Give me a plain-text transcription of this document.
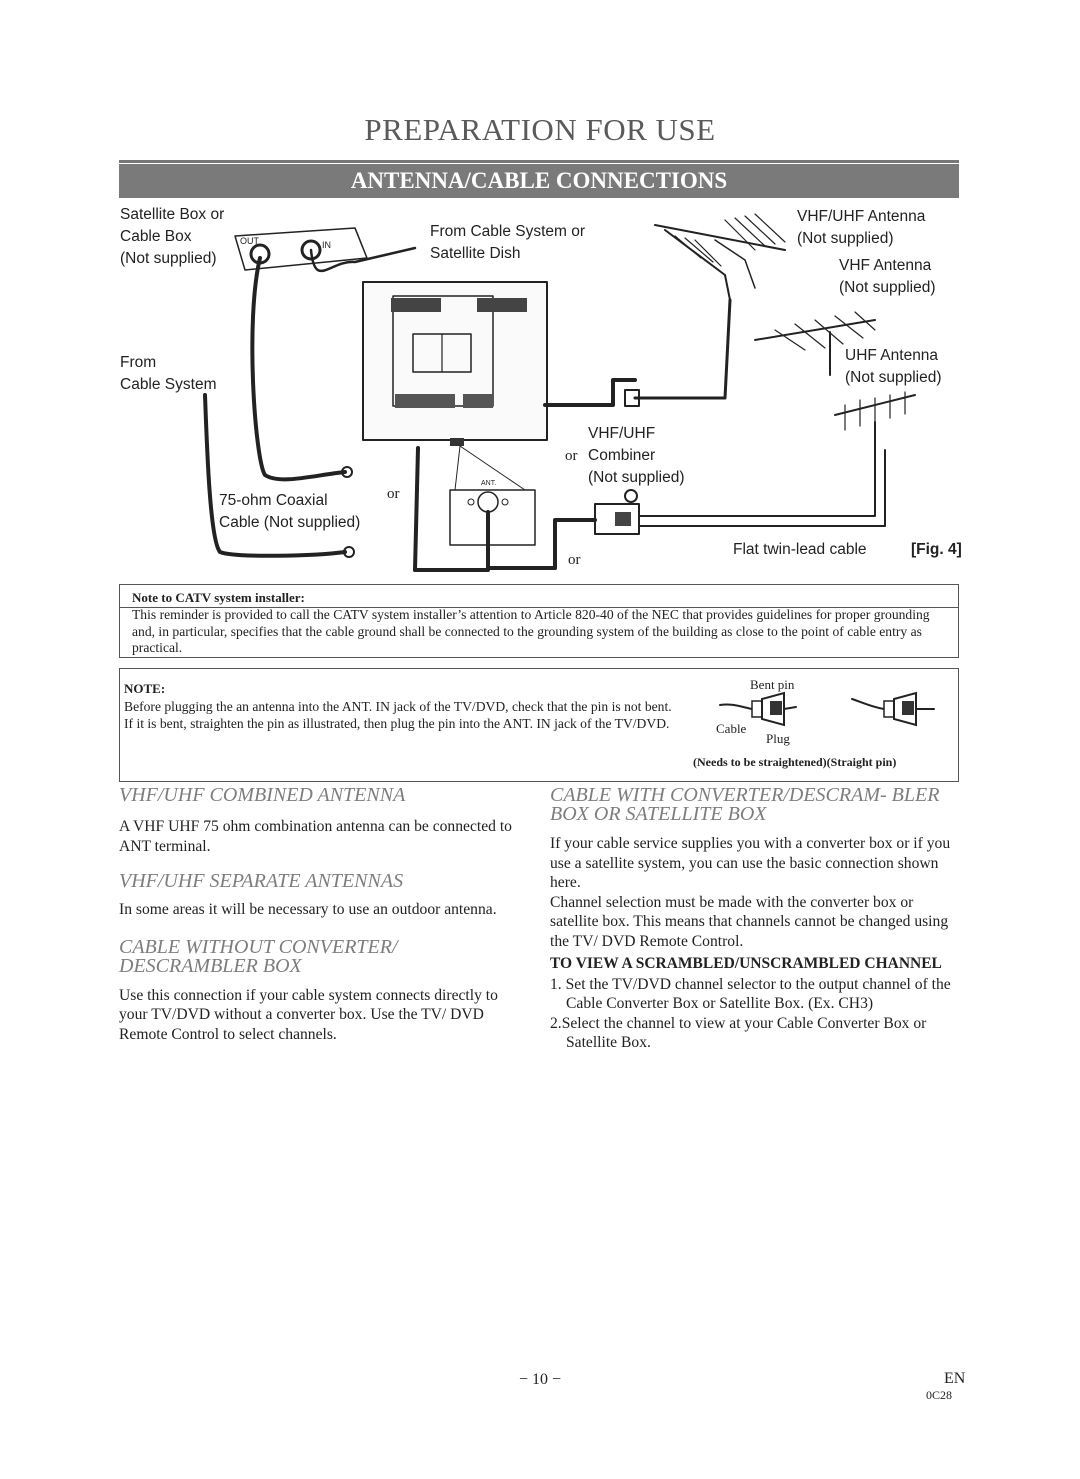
PREPARATION FOR USE
ANTENNA/CABLE CONNECTIONS
Satellite Box or
Cable Box
(Not supplied)
OUT	IN
From Cable System or
Satellite Dish
From
Cable System
VHF/UHF Antenna
(Not supplied)
VHF Antenna
(Not supplied)
UHF Antenna
(Not supplied)
VHF/UHF
or Combiner
(Not supplied)
75-ohm Coaxial	or
Cable (Not supplied)
ANT.
Flat twin-lead cable	[Fig. 4]
or
Note to CATV system installer:
This reminder is provided to call the CATV system installer’s attention to Article 820-40 of the NEC that provides guidelines for proper grounding and, in particular, specifies that the cable ground shall be connected to the grounding system of the building as close to the point of cable entry as practical.
NOTE:
Before plugging the an antenna into the ANT. IN jack of the TV/DVD, check that the pin is not bent. If it is bent, straighten the pin as illustrated, then plug the pin into the ANT. IN jack of the TV/DVD.
Bent pin
Cable
Plug
(Needs to be straightened)(Straight pin)
VHF/UHF COMBINED ANTENNA

A VHF UHF 75 ohm combination antenna can be connected to ANT terminal.

VHF/UHF SEPARATE ANTENNAS

In some areas it will be necessary to use an outdoor antenna.

CABLE WITHOUT CONVERTER/ DESCRAMBLER BOX

Use this connection if your cable system connects directly to your TV/DVD without a converter box. Use the TV/ DVD Remote Control to select channels.

CABLE WITH CONVERTER/DESCRAM- BLER BOX OR SATELLITE BOX

If your cable service supplies you with a converter box or if you use a satellite system, you can use the basic connection shown here.

Channel selection must be made with the converter box or satellite box. This means that channels cannot be changed using the TV/ DVD Remote Control.

TO VIEW A SCRAMBLED/UNSCRAMBLED CHANNEL

1. Set the TV/DVD channel selector to the output channel of the Cable Converter Box or Satellite Box. (Ex. CH3)

2.Select the channel to view at your Cable Converter Box or Satellite Box.

− 10 −	EN
0C28
